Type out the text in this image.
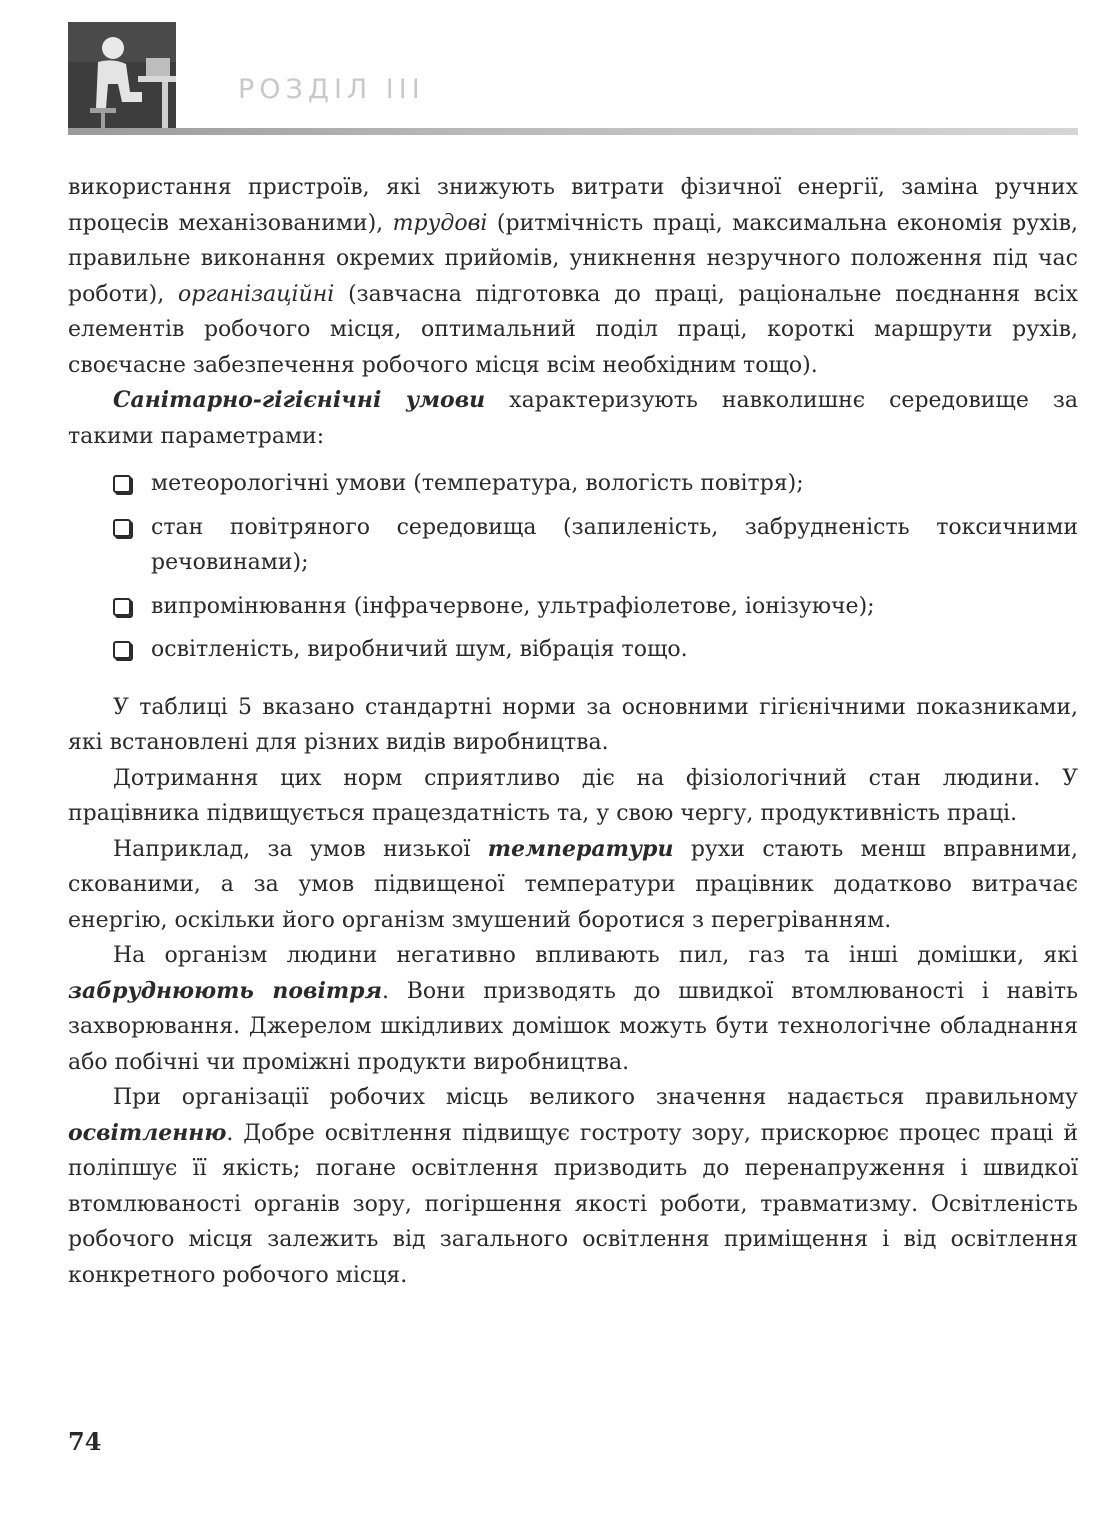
РОЗДІЛ III

використання пристроїв, які знижують витрати фізичної енергії, заміна ручних процесів механізованими), трудові (ритмічність праці, максимальна економія рухів, правильне виконання окремих прийомів, уникнення незручного положення під час роботи), організаційні (завчасна підготовка до праці, раціональне поєднання всіх елементів робочого місця, оптимальний поділ праці, короткі маршрути рухів, своєчасне забезпечення робочого місця всім необхідним тощо).

Санітарно-гігієнічні умови характеризують навколишнє середовище за такими параметрами:

метеорологічні умови (температура, вологість повітря);
стан повітряного середовища (запиленість, забрудненість токсичними речовинами);
випромінювання (інфрачервоне, ультрафіолетове, іонізуюче);
освітленість, виробничий шум, вібрація тощо.

У таблиці 5 вказано стандартні норми за основними гігієнічними показниками, які встановлені для різних видів виробництва.

Дотримання цих норм сприятливо діє на фізіологічний стан людини. У працівника підвищується працездатність та, у свою чергу, продуктивність праці.

Наприклад, за умов низької температури рухи стають менш вправними, скованими, а за умов підвищеної температури працівник додатково витрачає енергію, оскільки його організм змушений боротися з перегріванням.

На організм людини негативно впливають пил, газ та інші домішки, які забруднюють повітря. Вони призводять до швидкої втомлюваності і навіть захворювання. Джерелом шкідливих домішок можуть бути технологічне обладнання або побічні чи проміжні продукти виробництва.

При організації робочих місць великого значення надається правильному освітленню. Добре освітлення підвищує гостроту зору, прискорює процес праці й поліпшує її якість; погане освітлення призводить до перенапруження і швидкої втомлюваності органів зору, погіршення якості роботи, травматизму. Освітленість робочого місця залежить від загального освітлення приміщення і від освітлення конкретного робочого місця.

74
